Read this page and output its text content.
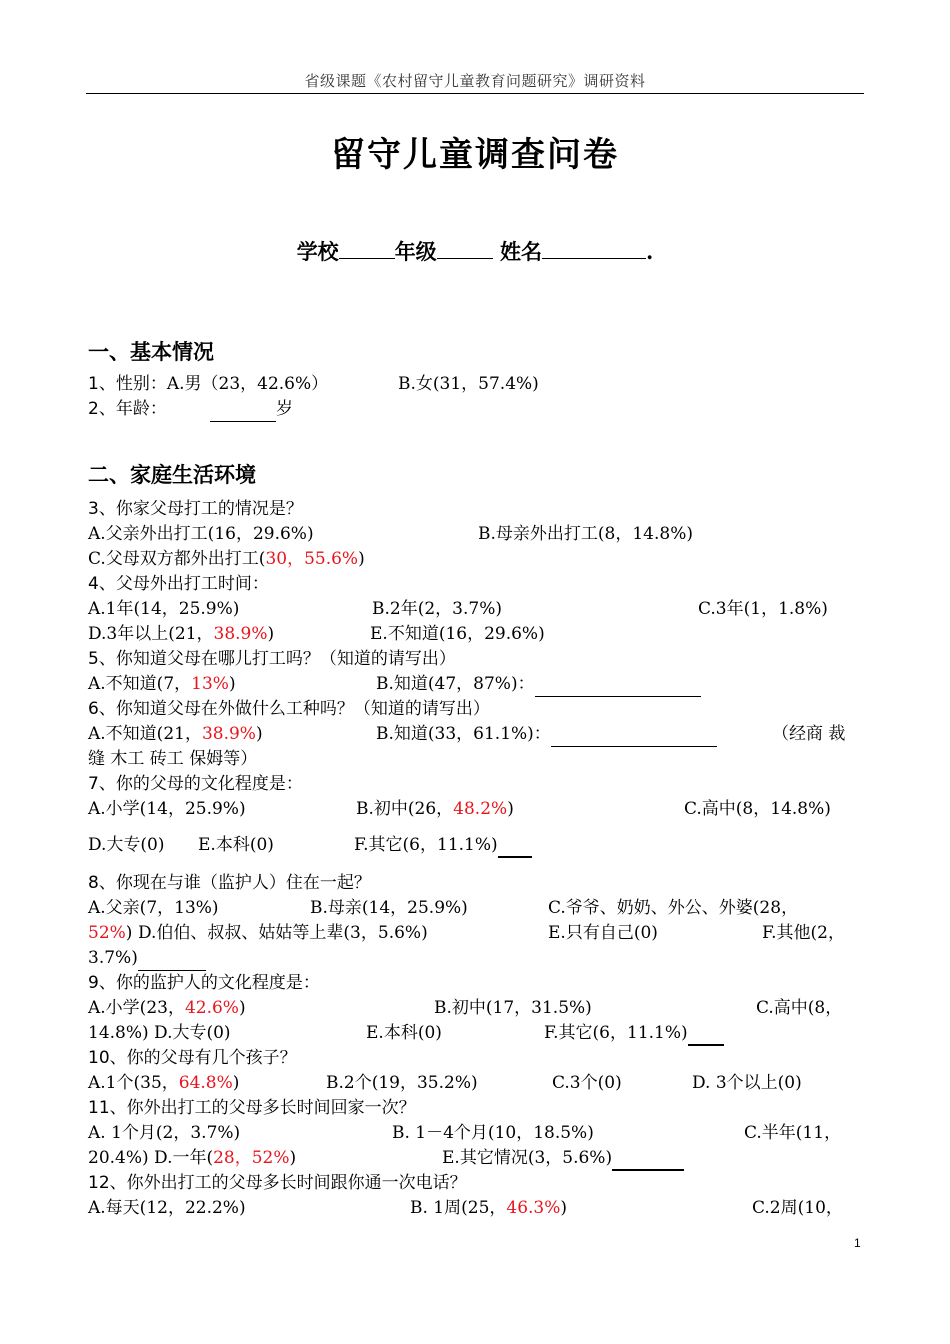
省级课题《农村留守儿童教育问题研究》调研资料
留守儿童调查问卷
学校	年级	姓名	.
一、基本情况
1、性别：A.男（23，42.6%）	B.女(31，57.4%)
2、年龄：	岁
二、家庭生活环境
3、你家父母打工的情况是？
A.父亲外出打工(16，29.6%)	B.母亲外出打工(8，14.8%)
C.父母双方都外出打工(30，55.6%)
4、父母外出打工时间：
A.1年(14，25.9%)	B.2年(2，3.7%)	C.3年(1，1.8%)
D.3年以上(21，38.9%)	E.不知道(16，29.6%)
5、你知道父母在哪儿打工吗？（知道的请写出）
A.不知道(7，13%)	B.知道(47，87%)：
6、你知道父母在外做什么工种吗？（知道的请写出）
A.不知道(21，38.9%)	B.知道(33，61.1%)：	（经商 裁
缝 木工 砖工 保姆等）
7、你的父母的文化程度是：
A.小学(14，25.9%)	B.初中(26，48.2%)	C.高中(8，14.8%)
D.大专(0) E.本科(0)	F.其它(6，11.1%)
8、你现在与谁（监护人）住在一起？
A.父亲(7，13%)	B.母亲(14，25.9%)	C.爷爷、奶奶、外公、外婆(28，
52%) D.伯伯、叔叔、姑姑等上辈(3，5.6%)	E.只有自己(0)	F.其他(2，
3.7%)
9、你的监护人的文化程度是：
A.小学(23，42.6%)	B.初中(17，31.5%)	C.高中(8，
14.8%) D.大专(0)	E.本科(0)	F.其它(6，11.1%)
10、你的父母有几个孩子？
A.1个(35，64.8%)	B.2个(19，35.2%)	C.3个(0)	D. 3个以上(0)
11、你外出打工的父母多长时间回家一次？
A. 1个月(2，3.7%)	B. 1－4个月(10，18.5%)	C.半年(11，
20.4%) D.一年(28，52%)	E.其它情况(3，5.6%)
12、你外出打工的父母多长时间跟你通一次电话？
A.每天(12，22.2%)	B. 1周(25，46.3%)	C.2周(10，
1
